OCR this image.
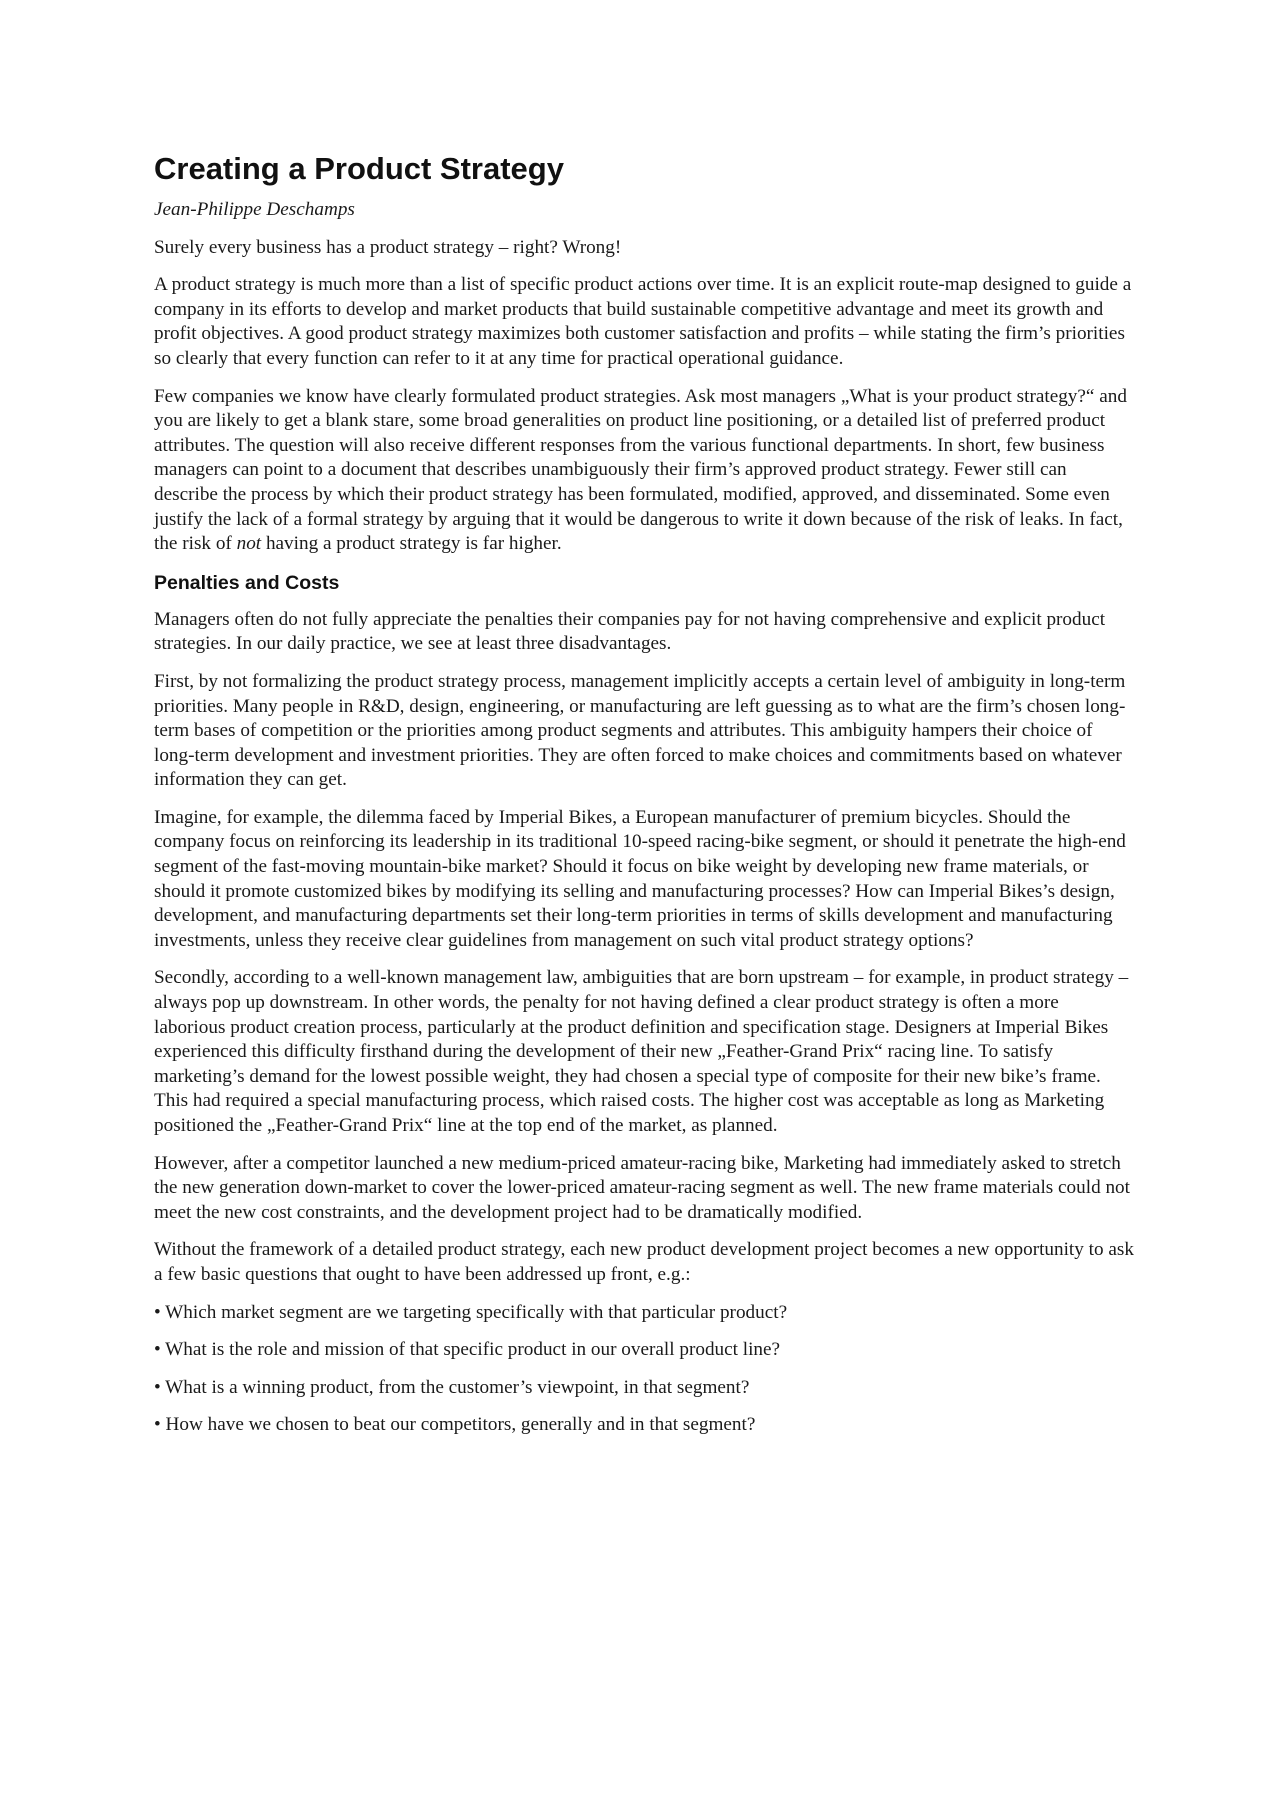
Creating a Product Strategy

Jean-Philippe Deschamps

Surely every business has a product strategy – right? Wrong!

A product strategy is much more than a list of specific product actions over time. It is an explicit route-map designed to guide a company in its efforts to develop and market products that build sustainable competitive advantage and meet its growth and profit objectives. A good product strategy maximizes both customer satisfaction and profits – while stating the firm’s priorities so clearly that every function can refer to it at any time for practical operational guidance.

Few companies we know have clearly formulated product strategies. Ask most managers „What is your product strategy?“ and you are likely to get a blank stare, some broad generalities on product line positioning, or a detailed list of preferred product attributes. The question will also receive different responses from the various functional departments. In short, few business managers can point to a document that describes unambiguously their firm’s approved product strategy. Fewer still can describe the process by which their product strategy has been formulated, modified, approved, and disseminated. Some even justify the lack of a formal strategy by arguing that it would be dangerous to write it down because of the risk of leaks. In fact, the risk of not having a product strategy is far higher.

Penalties and Costs

Managers often do not fully appreciate the penalties their companies pay for not having comprehensive and explicit product strategies. In our daily practice, we see at least three disadvantages.

First, by not formalizing the product strategy process, management implicitly accepts a certain level of ambiguity in long-term priorities. Many people in R&D, design, engineering, or manufacturing are left guessing as to what are the firm’s chosen long-term bases of competition or the priorities among product segments and attributes. This ambiguity hampers their choice of long-term development and investment priorities. They are often forced to make choices and commitments based on whatever information they can get.

Imagine, for example, the dilemma faced by Imperial Bikes, a European manufacturer of premium bicycles. Should the company focus on reinforcing its leadership in its traditional 10-speed racing-bike segment, or should it penetrate the high-end segment of the fast-moving mountain-bike market? Should it focus on bike weight by developing new frame materials, or should it promote customized bikes by modifying its selling and manufacturing processes? How can Imperial Bikes’s design, development, and manufacturing departments set their long-term priorities in terms of skills development and manufacturing investments, unless they receive clear guidelines from management on such vital product strategy options?

Secondly, according to a well-known management law, ambiguities that are born upstream – for example, in product strategy – always pop up downstream. In other words, the penalty for not having defined a clear product strategy is often a more laborious product creation process, particularly at the product definition and specification stage. Designers at Imperial Bikes experienced this difficulty firsthand during the development of their new „Feather-Grand Prix“ racing line. To satisfy marketing’s demand for the lowest possible weight, they had chosen a special type of composite for their new bike’s frame. This had required a special manufacturing process, which raised costs. The higher cost was acceptable as long as Marketing positioned the „Feather-Grand Prix“ line at the top end of the market, as planned.

However, after a competitor launched a new medium-priced amateur-racing bike, Marketing had immediately asked to stretch the new generation down-market to cover the lower-priced amateur-racing segment as well. The new frame materials could not meet the new cost constraints, and the development project had to be dramatically modified.

Without the framework of a detailed product strategy, each new product development project becomes a new opportunity to ask a few basic questions that ought to have been addressed up front, e.g.:

• Which market segment are we targeting specifically with that particular product?

• What is the role and mission of that specific product in our overall product line?

• What is a winning product, from the customer’s viewpoint, in that segment?

• How have we chosen to beat our competitors, generally and in that segment?
